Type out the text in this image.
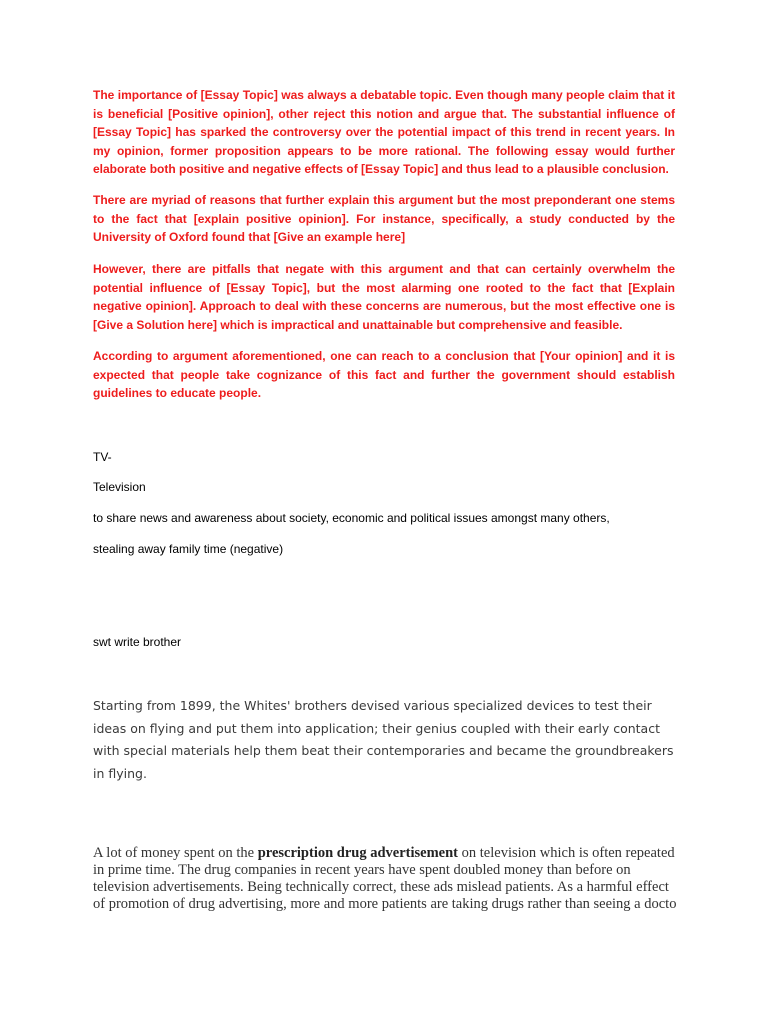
The importance of [Essay Topic] was always a debatable topic. Even though many people claim that it is beneficial [Positive opinion], other reject this notion and argue that. The substantial influence of [Essay Topic] has sparked the controversy over the potential impact of this trend in recent years. In my opinion, former proposition appears to be more rational. The following essay would further elaborate both positive and negative effects of [Essay Topic] and thus lead to a plausible conclusion.

There are myriad of reasons that further explain this argument but the most preponderant one stems to the fact that [explain positive opinion]. For instance, specifically, a study conducted by the University of Oxford found that [Give an example here]

However, there are pitfalls that negate with this argument and that can certainly overwhelm the potential influence of [Essay Topic], but the most alarming one rooted to the fact that [Explain negative opinion]. Approach to deal with these concerns are numerous, but the most effective one is [Give a Solution here] which is impractical and unattainable but comprehensive and feasible.

According to argument aforementioned, one can reach to a conclusion that [Your opinion] and it is expected that people take cognizance of this fact and further the government should establish guidelines to educate people.

TV-

Television

to share news and awareness about society, economic and political issues amongst many others,

stealing away family time (negative)

swt write brother

Starting from 1899, the Whites' brothers devised various specialized devices to test their ideas on flying and put them into application; their genius coupled with their early contact with special materials help them beat their contemporaries and became the groundbreakers in flying.

A lot of money spent on the prescription drug advertisement on television which is often repeated in prime time. The drug companies in recent years have spent doubled money than before on television advertisements. Being technically correct, these ads mislead patients. As a harmful effect of promotion of drug advertising, more and more patients are taking drugs rather than seeing a docto
